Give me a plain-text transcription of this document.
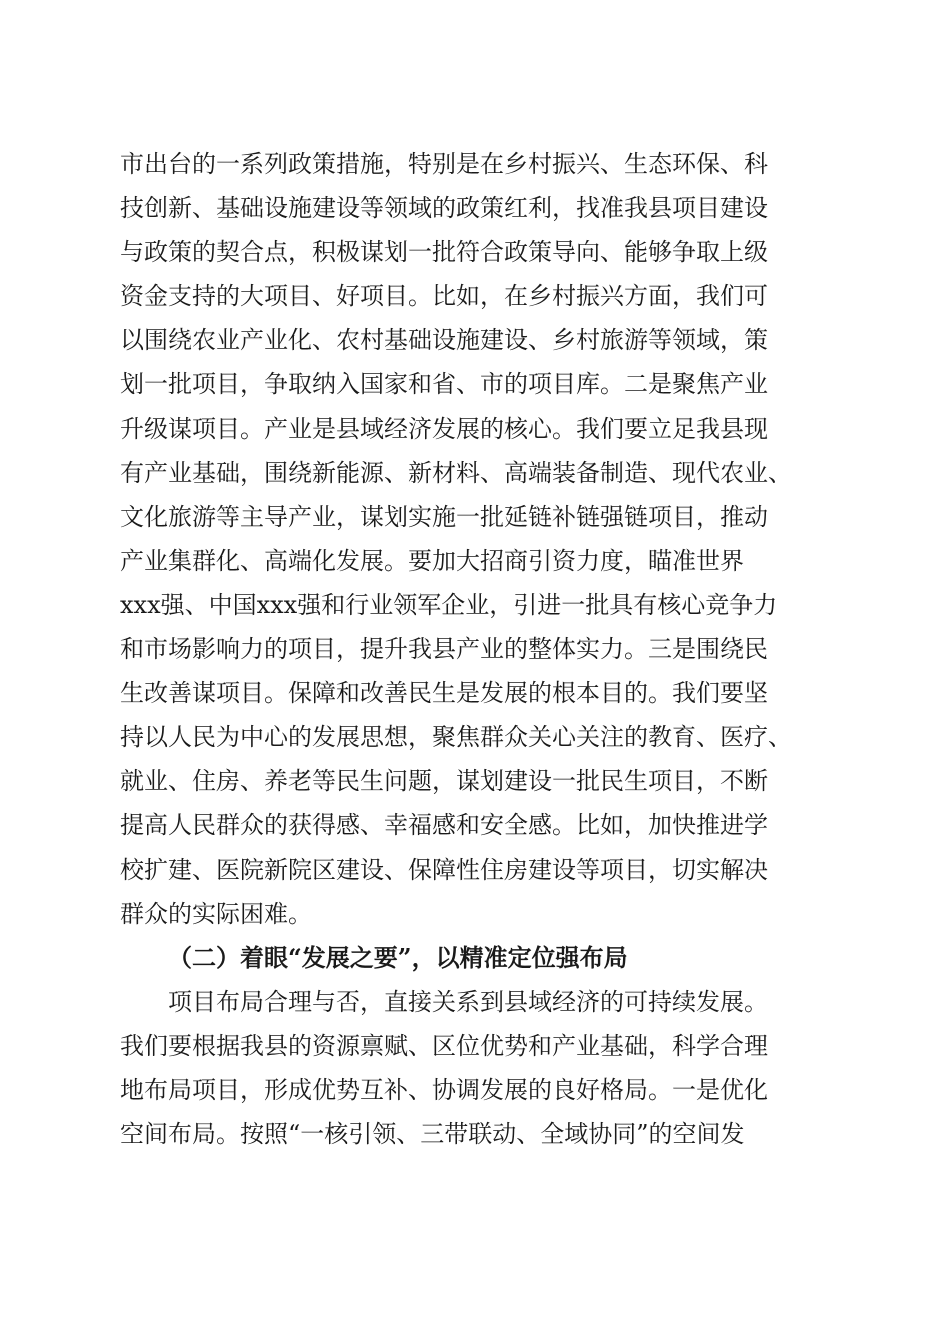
市出台的一系列政策措施，特别是在乡村振兴、生态环保、科
技创新、基础设施建设等领域的政策红利，找准我县项目建设
与政策的契合点，积极谋划一批符合政策导向、能够争取上级
资金支持的大项目、好项目。比如，在乡村振兴方面，我们可
以围绕农业产业化、农村基础设施建设、乡村旅游等领域，策
划一批项目，争取纳入国家和省、市的项目库。二是聚焦产业
升级谋项目。产业是县域经济发展的核心。我们要立足我县现
有产业基础，围绕新能源、新材料、高端装备制造、现代农业、
文化旅游等主导产业，谋划实施一批延链补链强链项目，推动
产业集群化、高端化发展。要加大招商引资力度，瞄准世界
xxx强、中国xxx强和行业领军企业，引进一批具有核心竞争力
和市场影响力的项目，提升我县产业的整体实力。三是围绕民
生改善谋项目。保障和改善民生是发展的根本目的。我们要坚
持以人民为中心的发展思想，聚焦群众关心关注的教育、医疗、
就业、住房、养老等民生问题，谋划建设一批民生项目，不断
提高人民群众的获得感、幸福感和安全感。比如，加快推进学
校扩建、医院新院区建设、保障性住房建设等项目，切实解决
群众的实际困难。
（二）着眼“发展之要”，以精准定位强布局
项目布局合理与否，直接关系到县域经济的可持续发展。
我们要根据我县的资源禀赋、区位优势和产业基础，科学合理
地布局项目，形成优势互补、协调发展的良好格局。一是优化
空间布局。按照“一核引领、三带联动、全域协同”的空间发
